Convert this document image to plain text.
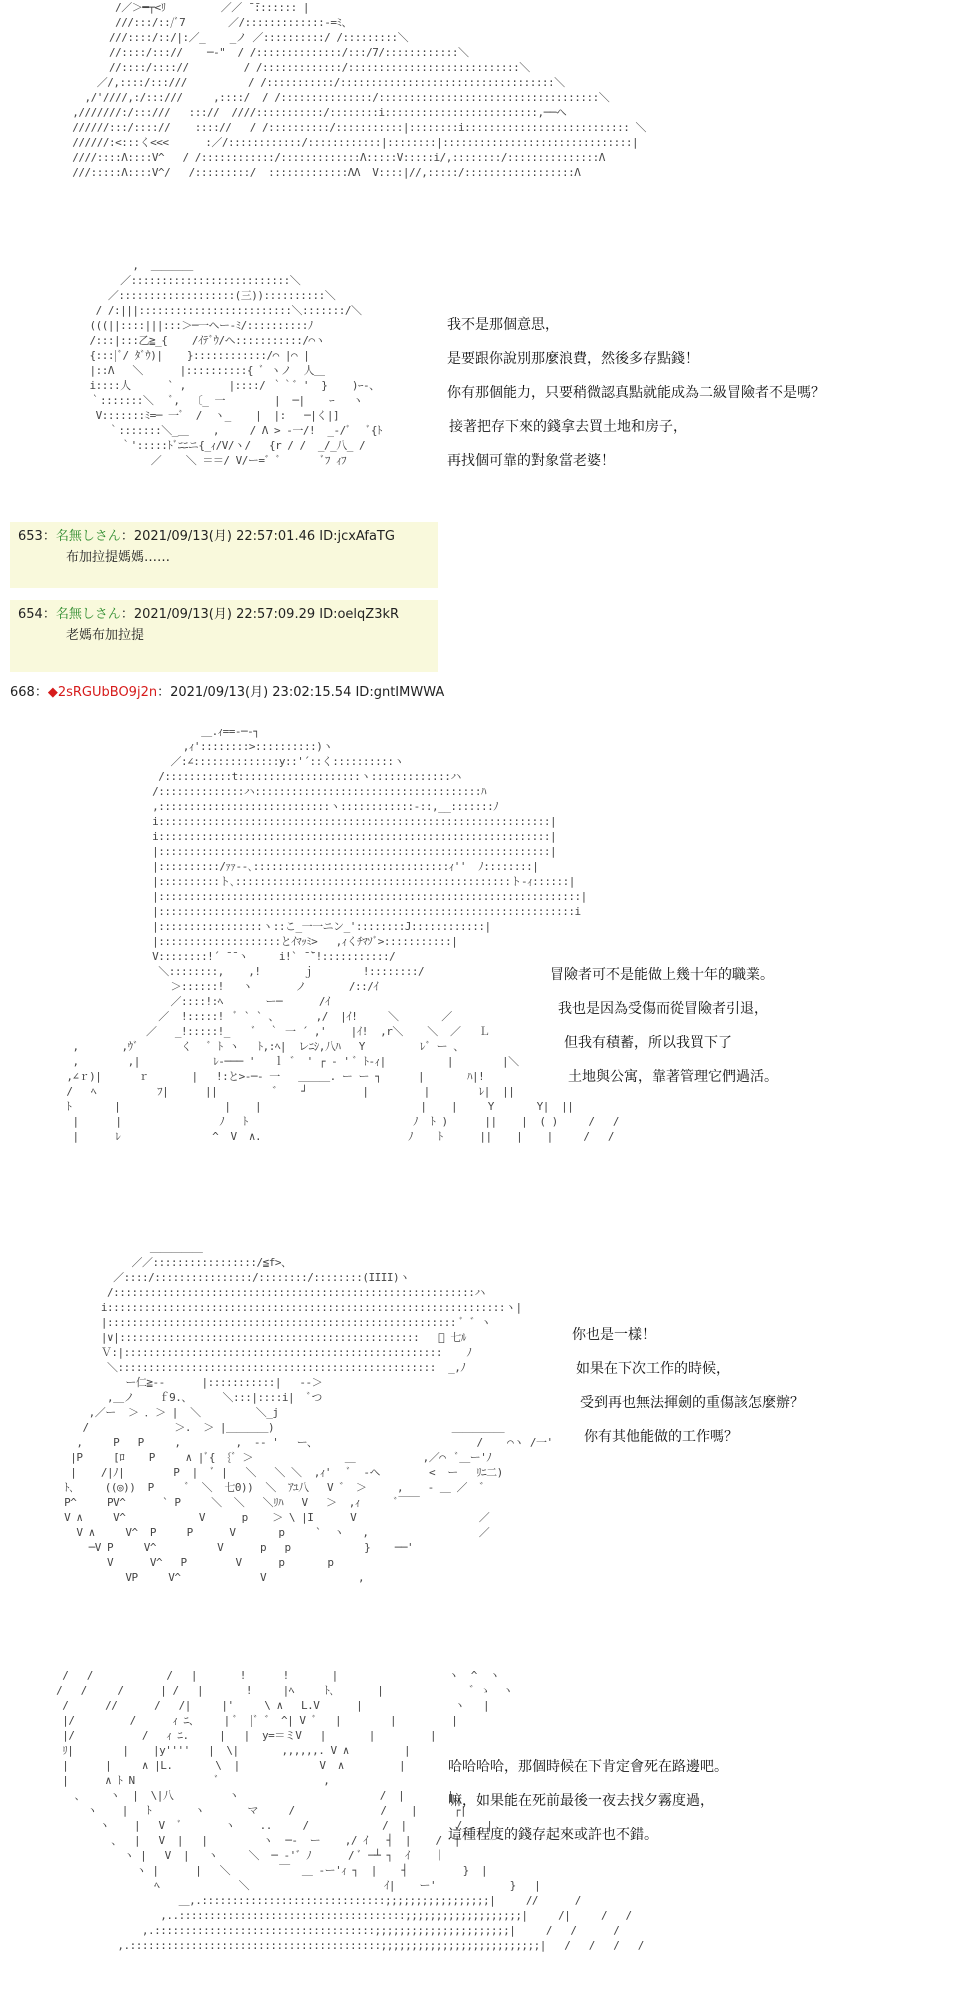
/／＞━┬<ﾘ         ／／ ̄ ̄::::::: |
///:::/::/ﾞ7       ／/:::::::::::::-=ﾐ、
///::::/::/|:／_    _ノ ／::::::::::/ /:::::::::＼
//::::/::://    ─‐"  / /::::::::::::::/:::/7/::::::::::::＼
//::::/:::://         / /:::::::::::::/::::::::::::::::::::::::::::＼
／/,::::/:::///          / /:::::::::::/:::::::::::::::::::::::::::::::::::＼
,/'////,:/:::///     ,::::/  / /:::::::::::::::/::::::::::::::::::::::::::::::::::::＼
,///////:/:::///   ::://  ////:::::::::::/::::::::i:::::::::::::::::::::::::,──ヘ
//////:::/:::://    :::://   / /::::::::::/:::::::::::|::::::::i::::::::::::::::::::::::::: ＼
//////:<:::く<<<      :／/::::::::::::/::::::::::::|::::::::|:::::::::::::::::::::::::::::::|
////::::Λ::::V^   / /::::::::::::/:::::::::::::Λ:::::V:::::i/,::::::::/:::::::::::::::Λ
///:::::Λ::::V^/   /:::::::::/  :::::::::::::ΛΛ  V::::|//,:::::/::::::::::::::::::Λ
,  ＿＿＿＿
／::::::::::::::::::::::::::＼
／:::::::::::::::::::(三))::::::::::＼
/ /:|||:::::::::::::::::::::::::＼:::::::/＼
(((||::::|||:::＞─一ヘー-ﾐ/::::::::::ﾉ
/:::|:::乙≧_{    /ｲﾃﾞｳ/ヘ:::::::::::/⌒ヽ
{:::|ﾞ/ ﾀﾞｳ)|    }::::::::::::/⌒ |⌒ |
|::Λ   ＼      |::::::::::{ ﾞ ヽノ  人＿
i::::人      ` ,       |::::/ ｀｀゛'  }    )ｰ-、
｀:::::::＼   ﾞ,  〔_ 一        |  ─|    ｰ   ヽ
V:::::::ﾐ=─ 一ﾞ  /  ヽ_    |  |:   ─|く|]
｀:::::::＼_＿    ,     / Λ > ‐一/!  _‐/ﾞ   ﾞ{ﾄ
｀':::::ﾄﾞﾆﾆニ{_ｨ/V/ヽ/   {r / /  _/_八_ /
／    ＼ ＝＝/ V/ー=゛ﾞ       ﾞﾌ ｨﾌ
我不是那個意思，
是要跟你說別那麼浪費，然後多存點錢！
你有那個能力，只要稍微認真點就能成為二級冒險者不是嗎？
接著把存下來的錢拿去買土地和房子，
再找個可靠的對象當老婆！
653：名無しさん：2021/09/13(月) 22:57:01.46 ID:jcxAfaTG
布加拉提媽媽……
654：名無しさん：2021/09/13(月) 22:57:09.29 ID:oelqZ3kR
老媽布加拉提
668：◆2sRGUbBO9j2n：2021/09/13(月) 23:02:15.54 ID:gntIMWWA
＿.ｨ==-─‐┐
,ｨ'::::::::>::::::::::)ヽ
／:∠::::::::::::::y::'´::く::::::::::ヽ
/:::::::::::t::::::::::::::::::::ヽ:::::::::::::ハ
/::::::::::::::ハ:::::::::::::::::::::::::::::::::::::ﾊ
,::::::::::::::::::::::::::::ヽ::::::::::::-::,__:::::::ﾉ
i::::::::::::::::::::::::::::::::::::::::::::::::::::::::::::::::|
i::::::::::::::::::::::::::::::::::::::::::::::::::::::::::::::::|
|::::::::::::::::::::::::::::::::::::::::::::::::::::::::::::::::|
|::::::::::/ｧｧ--､::::::::::::::::::::::::::::::::ｨ''  ﾉ::::::::|
|::::::::::ト､:::::::::::::::::::::::::::::::::::::::::::::ト-ｨ::::::|
|:::::::::::::::::::::::::::::::::::::::::::::::::::::::::::::::::::::|
|::::::::::::::::::::::::::::::::::::::::::::::::::::::::::::::::::::i
|:::::::::::::::::ヽ::こ_一一ニン_'::::::::J::::::::::::|
|::::::::::::::::::::とｲﾏｯﾐ>   ,ｨくﾁﾏｿﾞ>:::::::::::|
V::::::::!´ ̄ ̄ ヽ     i!` ̄ ̄`!:::::::::::/
＼::::::::,    ,!       ｊ        !::::::::/
＞::::::!   ヽ       ノ       /::/ｲ
／::::!:ﾍ       ー─      /ｲ
／  !:::::!  ﾞ ` ` 、      ,/  |ｲ!     ＼       ／
／   _!:::::!_    ﾞ  ｀ 一 ´ ,'    |ｲ!  ,r＼    ＼  ／   Ｌ
,       ,ｳﾞ       く   ﾞ ﾄ ヽ   ﾄ,:ﾍ|  レﾆｼ,八ﾊ   Y         ﾚﾞ ー 、
,        ,|            ﾚ-─── '   ｌ ゛ ' ┌ - ' ﾞ ﾄ-ｨ|          |        |＼
,∠ｒ)|      ｒ       |   !:と>‐─‐ 一   ＿＿＿. ー ー ┐      |       ﾊ|!
/   ﾍ          ﾌ|      ||         ゛   ┘         |         |        ﾚ|  ||
ﾄ       |                 |    |                          |    |     Y       Y|  ||
|      |                ﾉ   ﾄ                           ﾉ  ﾄ )      ||    |  ( )     /   /
|      ﾚ               ^  V  ∧.                        ﾉ    ﾄ      ||    |    |     /   /
冒險者可不是能做上幾十年的職業。
我也是因為受傷而從冒險者引退，
但我有積蓄，所以我買下了
土地與公寓，靠著管理它們過活。
＿＿＿＿＿
／／:::::::::::::::::/≦f>、
／::::/::::::::::::::::/::::::::/::::::::(IIII)ヽ
/:::::::::::::::::::::::::::::::::::::::::::::::::::::::::::ハ
i:::::::::::::::::::::::::::::::::::::::::::::::::::::::::::::::::ヽ|
|::::::::::::::::::::::::::::::::::::::::::::::::::::::::: ﾞ ゛ヽ
|∨|:::::::::::::::::::::::::::::::::::::::::::::::::   ﾞ 七ﾙ
Ｖ:|::::::::::::::::::::::::::::::::::::::::::::::::::::    ﾉ
＼::::::::::::::::::::::::::::::::::::::::::::::::::::  _,ﾉ
ー仁≧--      |:::::::::::|   --＞
,＿ノ    ｆ9.、     ＼:::|::::i|  ﾞつ
,／ー  ＞ ．＞ |  ＼         ＼_j
/              ＞.  ＞ |＿＿＿＿)                             ＿＿＿＿＿
,     P   P     ,         ,  -‐ '   ー、                          /    ⌒ヽ /一'
|P     [ﾛ    P     ∧ |ﾞ{  {ﾞ ＞               ＿           ,／⌒  ﾞ＿ー'ﾉ
|    /|ﾉ|        P  |  ﾞ |   ＼   ＼ ＼  ,ｨ'   ﾞ  -ヘ        <  ー   ﾘﾆ二)
ﾄ､     ((◎))  P     ﾞ  ＼  七0))  ＼  ｱﾕ八   V ゛ ＞     ,    ‐ ＿ ／  ゛
P^     PV^      ` P     ＼  ＼   ＼ﾘﾊ   V   ＞  ,ｨ      ﾞ￣￣
V ∧     V^            V      p    ＞ \ |I      V                    ／
V ∧     V^  P     P      V       p     `  ヽ   ,                  ／
─V P     V^          V      p   p            }    ──'
V      V^   P        V      p       p
VP     V^             V               ,
你也是一樣！
如果在下次工作的時候，
受到再也無法揮劍的重傷該怎麼辦？
你有其他能做的工作嗎？
/   /            /   |       !      !       |                  ヽ  ^  ヽ
/   /     /      | /   |       !     |ﾍ     ﾄ､       |              ゛ゝ  ヽ
/      //      /   /|     |'     \ ∧   L.V      |               ヽ   |
|/         /      ｨ ﾆ、    | ﾞ  |ﾞ ゛ ^| V ﾞ   |        |         |
|/           /   ｨ ﾆ.     |   |  y=＝ミV   |       |         |
ﾘ|        |    |y''''   |  \|       ,,,,,,. V ∧         |
|      |     ∧ |L.       \  |             V  ∧         |
|      ∧ ﾄ Ν             ﾞ                 ,
、    ヽ  |  \|八         ヽ                       /  |       |
ヽ    |   ﾄ       ヽ       マ     /              /    |      ┌|
ヽ    |   V  ﾞ       ヽ    ..     /            /  |        /    |
、  |   V  |   |         ヽ  ─‐  ー    ,/ ｲ   ┤  |    /  |
ヽ |   V  |   ヽ     ＼  ─ ‐'゛ﾉ      / ﾞ ─┴ ┐  ｲ    ｜
ヽ |      |   ＼        ￣  ＿ -ー'ｨ ┐  |    ┤         }  |
ﾍ             ＼                      ｲ|    ー'            }   |
＿,.::::::::::::::::::::::::::::::;;;;;;;;;;;;;;;;;|     //      /
,..:::::::::::::::::::::::::::::::::::::;;;;;;;;;;;;;;;;;;;|     /|     /   /
,.::::::::::::::::::::::::::::::::::::;;;;;;;;;;;;;;;;;;;;;;|     /   /      /
,.:::::::::::::::::::::::::::::::::::::::::;;;;;;;;;;;;;;;;;;;;;;;;;;|   /   /   /   /
哈哈哈哈，那個時候在下肯定會死在路邊吧。
嘛，如果能在死前最後一夜去找夕霧度過，
這種程度的錢存起來或許也不錯。
